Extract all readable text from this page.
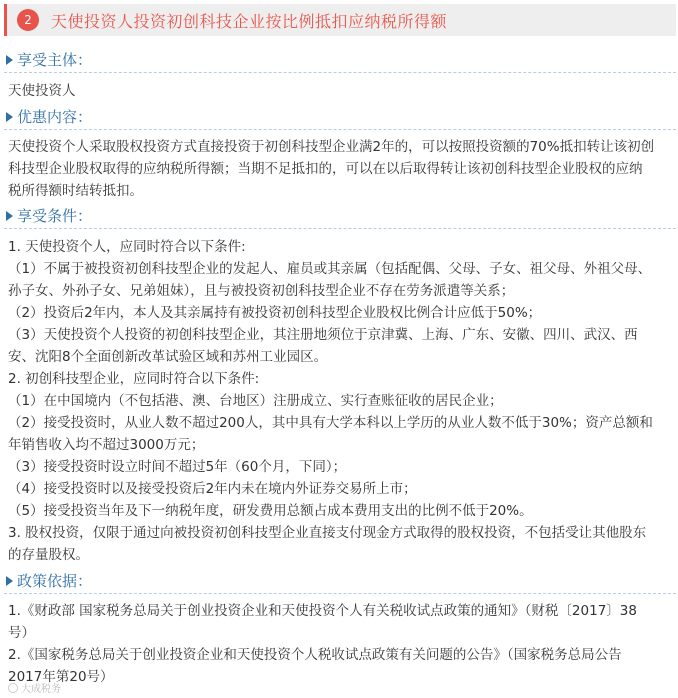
2	天使投资人投资初创科技企业按比例抵扣应纳税所得额
享受主体：
天使投资人
优惠内容：
天使投资个人采取股权投资方式直接投资于初创科技型企业满2年的，可以按照投资额的70%抵扣转让该初创
科技型企业股权取得的应纳税所得额；当期不足抵扣的，可以在以后取得转让该初创科技型企业股权的应纳
税所得额时结转抵扣。
享受条件：
1. 天使投资个人，应同时符合以下条件:
（1）不属于被投资初创科技型企业的发起人、雇员或其亲属（包括配偶、父母、子女、祖父母、外祖父母、
孙子女、外孙子女、兄弟姐妹），且与被投资初创科技型企业不存在劳务派遣等关系；
（2）投资后2年内，本人及其亲属持有被投资初创科技型企业股权比例合计应低于50%；
（3）天使投资个人投资的初创科技型企业，其注册地须位于京津冀、上海、广东、安徽、四川、武汉、西
安、沈阳8个全面创新改革试验区域和苏州工业园区。
2. 初创科技型企业，应同时符合以下条件:
（1）在中国境内（不包括港、澳、台地区）注册成立、实行查账征收的居民企业；
（2）接受投资时，从业人数不超过200人，其中具有大学本科以上学历的从业人数不低于30%；资产总额和
年销售收入均不超过3000万元；
（3）接受投资时设立时间不超过5年（60个月，下同）；
（4）接受投资时以及接受投资后2年内未在境内外证券交易所上市；
（5）接受投资当年及下一纳税年度，研发费用总额占成本费用支出的比例不低于20%。
3. 股权投资，仅限于通过向被投资初创科技型企业直接支付现金方式取得的股权投资，不包括受让其他股东
的存量股权。
政策依据：
1.《财政部 国家税务总局关于创业投资企业和天使投资个人有关税收试点政策的通知》（财税〔2017〕38
号）
2.《国家税务总局关于创业投资企业和天使投资个人税收试点政策有关问题的公告》（国家税务总局公告
2017年第20号）
大成税务
